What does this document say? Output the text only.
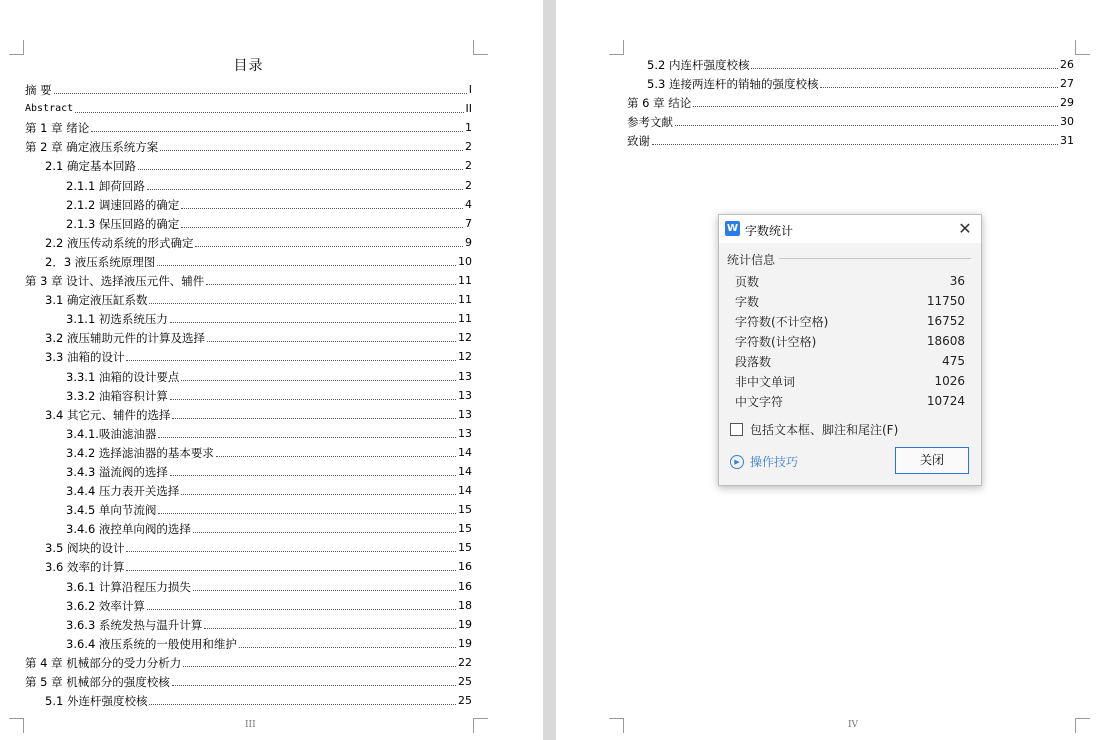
目录
摘 要	I
Abstract	II
第 1 章 绪论	1
第 2 章 确定液压系统方案	2
2.1 确定基本回路	2
2.1.1 卸荷回路	2
2.1.2 调速回路的确定	4
2.1.3 保压回路的确定	7
2.2 液压传动系统的形式确定	9
2．3 液压系统原理图	10
第 3 章 设计、选择液压元件、辅件	11
3.1 确定液压缸系数	11
3.1.1 初选系统压力	11
3.2 液压辅助元件的计算及选择	12
3.3 油箱的设计	12
3.3.1 油箱的设计要点	13
3.3.2 油箱容积计算	13
3.4 其它元、辅件的选择	13
3.4.1.吸油滤油器	13
3.4.2 选择滤油器的基本要求	14
3.4.3 溢流阀的选择	14
3.4.4 压力表开关选择	14
3.4.5 单向节流阀	15
3.4.6 液控单向阀的选择	15
3.5 阀块的设计	15
3.6 效率的计算	16
3.6.1 计算沿程压力损失	16
3.6.2 效率计算	18
3.6.3 系统发热与温升计算	19
3.6.4 液压系统的一般使用和维护	19
第 4 章 机械部分的受力分析力	22
第 5 章 机械部分的强度校核	25
5.1 外连杆强度校核	25
III
5.2 内连杆强度校核	26
5.3 连接两连杆的销轴的强度校核	27
第 6 章 结论	29
参考文献	30
致谢	31
IV
W 字数统计	✕
统计信息
页数	36
字数	11750
字符数(不计空格)	16752
字符数(计空格)	18608
段落数	475
非中文单词	1026
中文字符	10724
包括文本框、脚注和尾注(F)
▶ 操作技巧	关闭
